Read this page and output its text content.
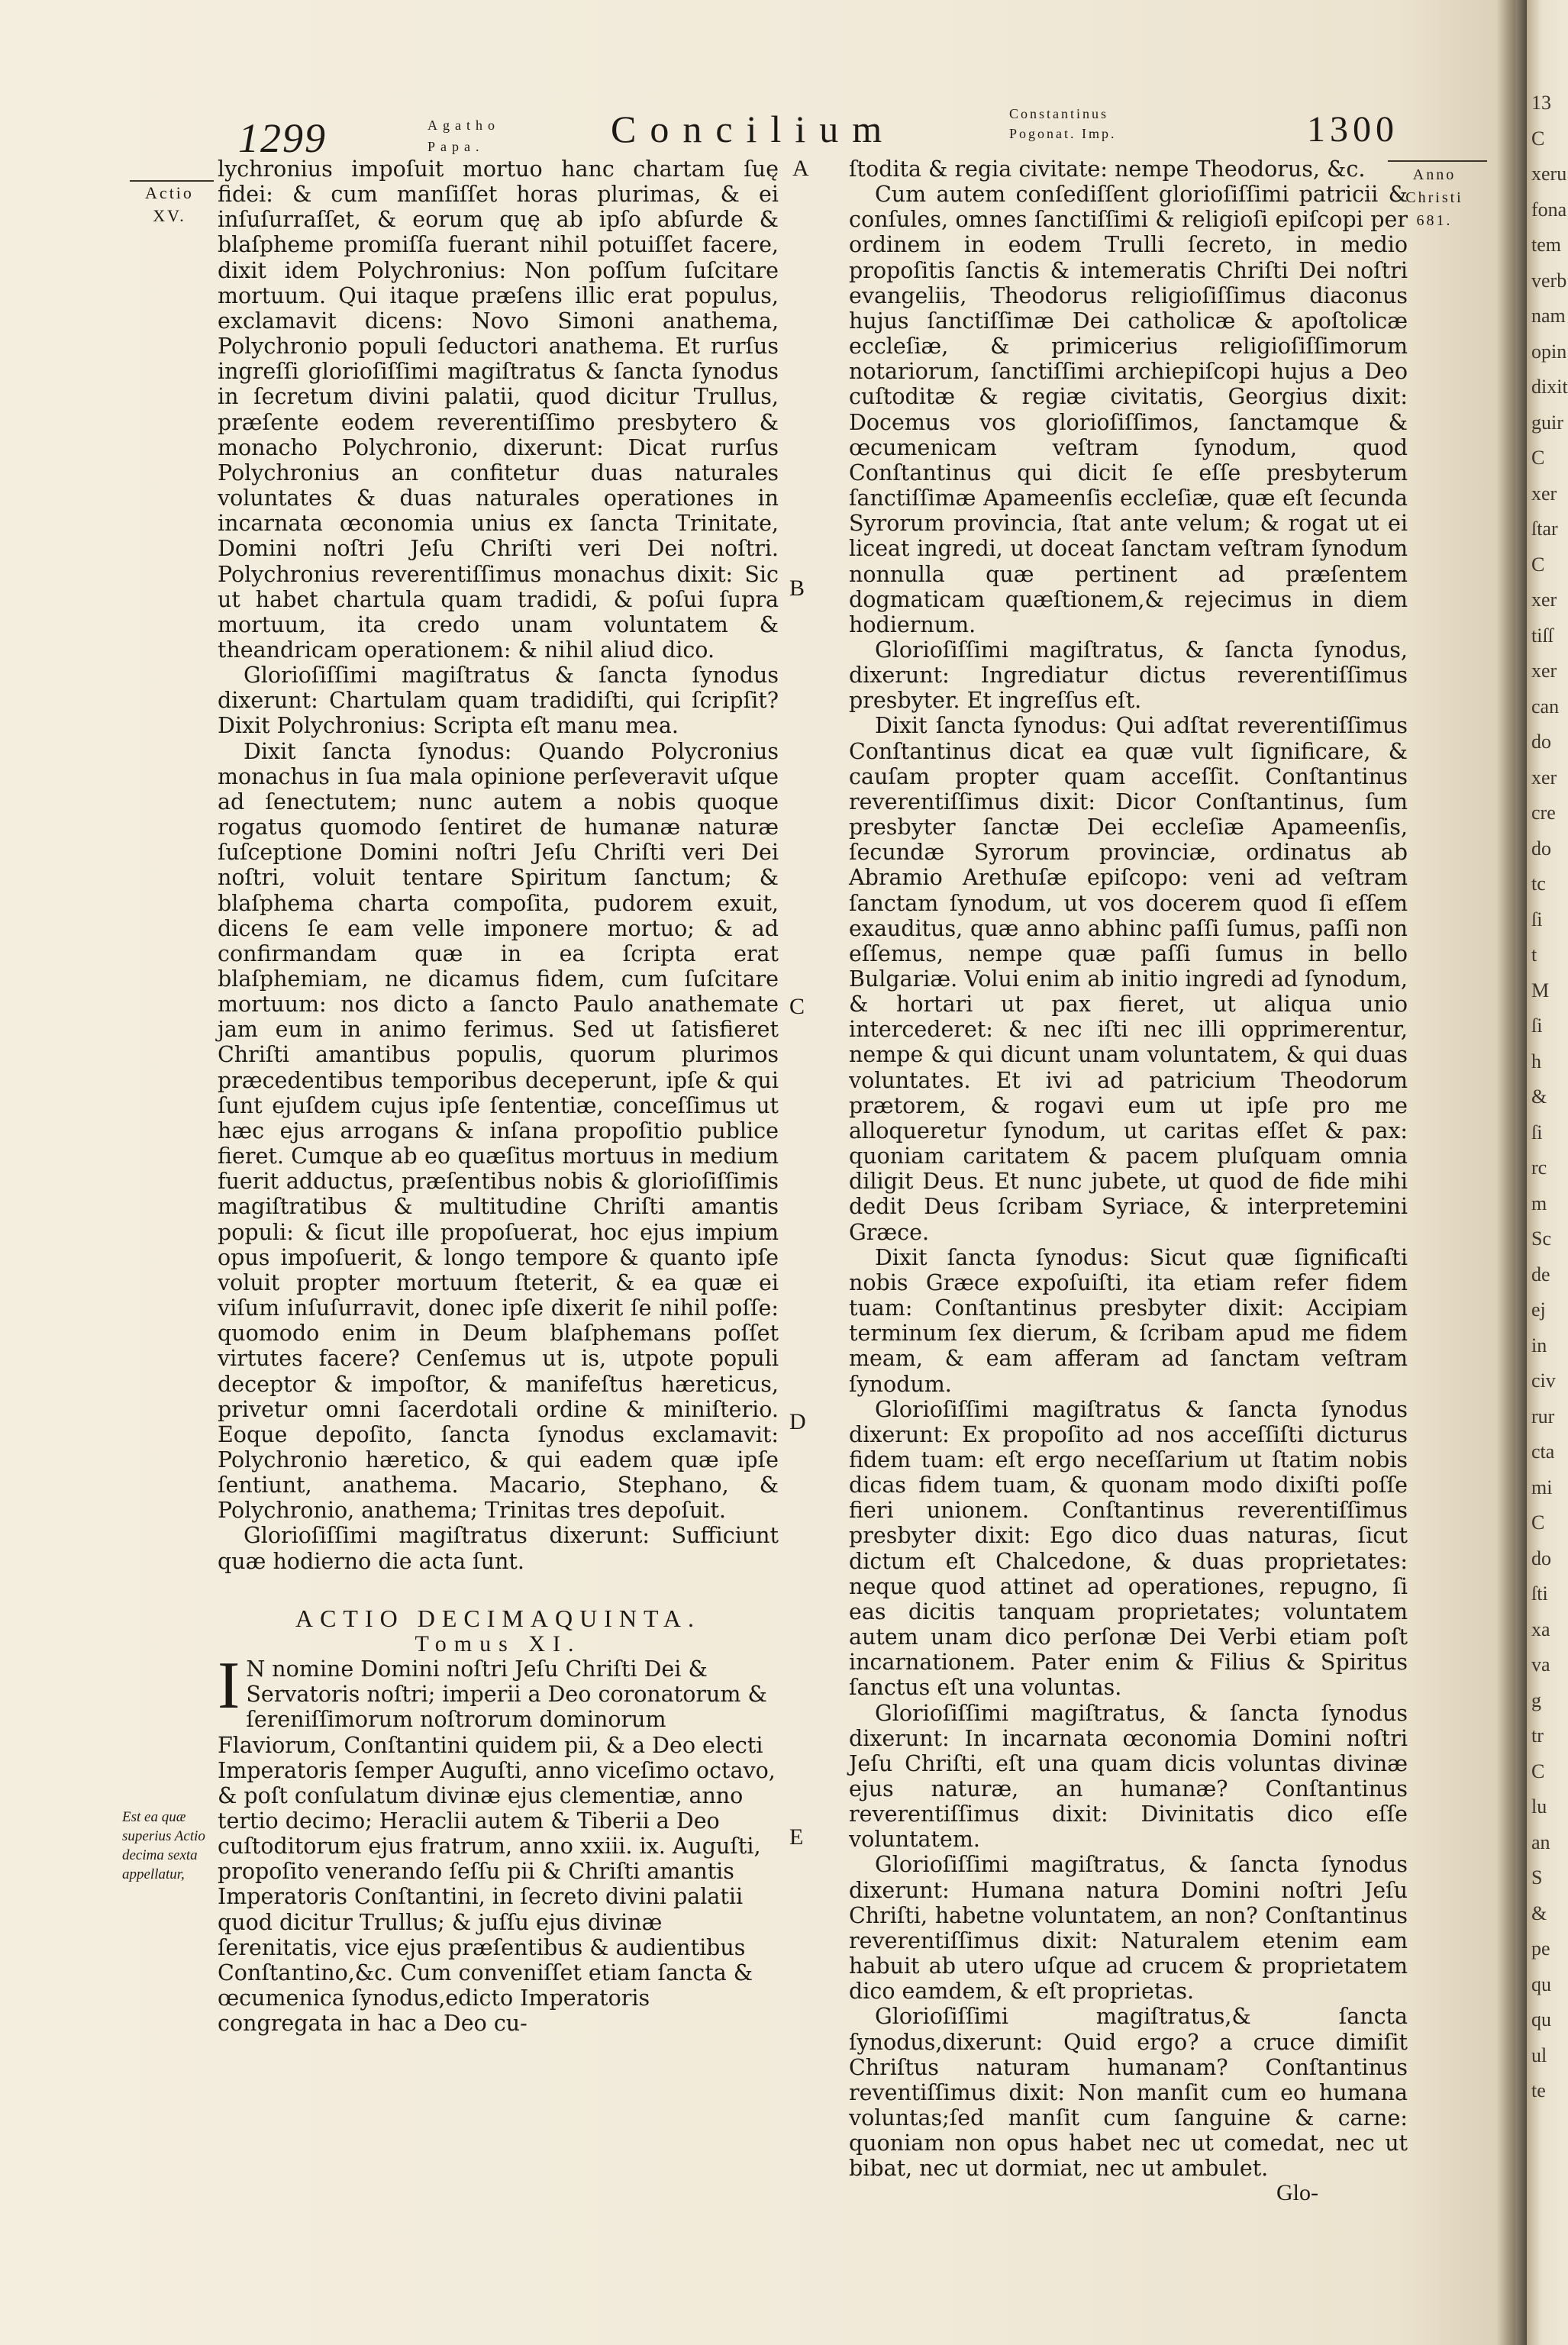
13
C
xeru
fona
tem
verb
nam
opin
dixit
guir
C
xer
ſtar
C
xer
tiſſ
xer
can
do
xer
cre
do
tc
ſi
t
M
ſi
h
&
ſi
rc
m
Sc
de
ej
in
civ
rur
cta
mi
C
do
ſti
xa
va
g
tr
C
lu
an
S
&
pe
qu
qu
ul
te
1299	Agatho
Papa.	Concilium	Constantinus
Pogonat. Imp.	1300
Actio
XV.
Anno
Christi
681.
Est ea quæ superius Actio decima sexta appellatur,
A
B
C
D
E

lychronius impoſuit mortuo hanc chartam ſuę fidei: & cum manſiſſet horas plurimas, & ei inſuſurraſſet, & eorum quę ab ipſo abſurde & blaſpheme promiſſa fuerant nihil potuiſſet facere, dixit idem Polychronius: Non poſſum ſuſcitare mortuum. Qui itaque præſens illic erat populus, exclamavit dicens: Novo Simoni anathema, Polychronio populi ſeductori anathema. Et rurſus ingreſſi glorioſiſſimi magiſtratus & ſancta ſynodus in ſecretum divini palatii, quod dicitur Trullus, præſente eodem reverentiſſimo presbytero & monacho Polychronio, dixerunt: Dicat rurſus Polychronius an confitetur duas naturales voluntates & duas naturales operationes in incarnata œconomia unius ex ſancta Trinitate, Domini noſtri Jeſu Chriſti veri Dei noſtri. Polychronius reverentiſſimus monachus dixit: Sic ut habet chartula quam tradidi, & poſui ſupra mortuum, ita credo unam voluntatem & theandricam operationem: & nihil aliud dico.

Glorioſiſſimi magiſtratus & ſancta ſynodus dixerunt: Chartulam quam tradidiſti, qui ſcripſit? Dixit Polychronius: Scripta eſt manu mea.

Dixit ſancta ſynodus: Quando Polycronius monachus in ſua mala opinione perſeveravit uſque ad ſenectutem; nunc autem a nobis quoque rogatus quomodo ſentiret de humanæ naturæ ſuſceptione Domini noſtri Jeſu Chriſti veri Dei noſtri, voluit tentare Spiritum ſanctum; & blaſphema charta compoſita, pudorem exuit, dicens ſe eam velle imponere mortuo; & ad confirmandam quæ in ea ſcripta erat blaſphemiam, ne dicamus fidem, cum ſuſcitare mortuum: nos dicto a ſancto Paulo anathemate jam eum in animo ferimus. Sed ut ſatisfieret Chriſti amantibus populis, quorum plurimos præcedentibus temporibus deceperunt, ipſe & qui ſunt ejuſdem cujus ipſe ſententiæ, conceſſimus ut hæc ejus arrogans & inſana propoſitio publice fieret. Cumque ab eo quæſitus mortuus in medium fuerit adductus, præſentibus nobis & glorioſiſſimis magiſtratibus & multitudine Chriſti amantis populi: & ſicut ille propoſuerat, hoc ejus impium opus impoſuerit, & longo tempore & quanto ipſe voluit propter mortuum ſteterit, & ea quæ ei viſum inſuſurravit, donec ipſe dixerit ſe nihil poſſe: quomodo enim in Deum blaſphemans poſſet virtutes facere? Cenſemus ut is, utpote populi deceptor & impoſtor, & manifeſtus hæreticus, privetur omni ſacerdotali ordine & miniſterio. Eoque depoſito, ſancta ſynodus exclamavit: Polychronio hæretico, & qui eadem quæ ipſe ſentiunt, anathema. Macario, Stephano, & Polychronio, anathema; Trinitas tres depoſuit.

Glorioſiſſimi magiſtratus dixerunt: Sufficiunt quæ hodierno die acta ſunt.

ACTIO DECIMAQUINTA.

Tomus XI.

I N nomine Domini noſtri Jeſu Chriſti Dei & Servatoris noſtri; imperii a Deo coronatorum & ſereniſſimorum noſtrorum dominorum Flaviorum, Conſtantini quidem pii, & a Deo electi Imperatoris ſemper Auguſti, anno viceſimo octavo, & poſt conſulatum divinæ ejus clementiæ, anno tertio decimo; Heraclii autem & Tiberii a Deo cuſtoditorum ejus fratrum, anno xxiii. ix. Auguſti, propoſito venerando ſeſſu pii & Chriſti amantis Imperatoris Conſtantini, in ſecreto divini palatii quod dicitur Trullus; & juſſu ejus divinæ ſerenitatis, vice ejus præſentibus & audientibus Conſtantino,&c. Cum conveniſſet etiam ſancta & œcumenica ſynodus,edicto Imperatoris congregata in hac a Deo cu-

ſtodita & regia civitate: nempe Theodorus, &c.

Cum autem conſediſſent glorioſiſſimi patricii & conſules, omnes ſanctiſſimi & religioſi epiſcopi per ordinem in eodem Trulli ſecreto, in medio propoſitis ſanctis & intemeratis Chriſti Dei noſtri evangeliis, Theodorus religioſiſſimus diaconus hujus ſanctiſſimæ Dei catholicæ & apoſtolicæ eccleſiæ, & primicerius religioſiſſimorum notariorum, ſanctiſſimi archiepiſcopi hujus a Deo cuſtoditæ & regiæ civitatis, Georgius dixit: Docemus vos glorioſiſſimos, ſanctamque & œcumenicam veſtram ſynodum, quod Conſtantinus qui dicit ſe eſſe presbyterum ſanctiſſimæ Apameenſis eccleſiæ, quæ eſt ſecunda Syrorum provincia, ſtat ante velum; & rogat ut ei liceat ingredi, ut doceat ſanctam veſtram ſynodum nonnulla quæ pertinent ad præſentem dogmaticam quæſtionem,& rejecimus in diem hodiernum.

Glorioſiſſimi magiſtratus, & ſancta ſynodus, dixerunt: Ingrediatur dictus reverentiſſimus presbyter. Et ingreſſus eſt.

Dixit ſancta ſynodus: Qui adſtat reverentiſſimus Conſtantinus dicat ea quæ vult ſignificare, & cauſam propter quam acceſſit. Conſtantinus reverentiſſimus dixit: Dicor Conſtantinus, ſum presbyter ſanctæ Dei eccleſiæ Apameenſis, ſecundæ Syrorum provinciæ, ordinatus ab Abramio Arethuſæ epiſcopo: veni ad veſtram ſanctam ſynodum, ut vos docerem quod ſi eſſem exauditus, quæ anno abhinc paſſi ſumus, paſſi non eſſemus, nempe quæ paſſi ſumus in bello Bulgariæ. Volui enim ab initio ingredi ad ſynodum, & hortari ut pax fieret, ut aliqua unio intercederet: & nec iſti nec illi opprimerentur, nempe & qui dicunt unam voluntatem, & qui duas voluntates. Et ivi ad patricium Theodorum prætorem, & rogavi eum ut ipſe pro me alloqueretur ſynodum, ut caritas eſſet & pax: quoniam caritatem & pacem pluſquam omnia diligit Deus. Et nunc jubete, ut quod de fide mihi dedit Deus ſcribam Syriace, & interpretemini Græce.

Dixit ſancta ſynodus: Sicut quæ ſignificaſti nobis Græce expoſuiſti, ita etiam refer fidem tuam: Conſtantinus presbyter dixit: Accipiam terminum ſex dierum, & ſcribam apud me fidem meam, & eam afferam ad ſanctam veſtram ſynodum.

Glorioſiſſimi magiſtratus & ſancta ſynodus dixerunt: Ex propoſito ad nos acceſſiſti dicturus fidem tuam: eſt ergo neceſſarium ut ſtatim nobis dicas fidem tuam, & quonam modo dixiſti poſſe fieri unionem. Conſtantinus reverentiſſimus presbyter dixit: Ego dico duas naturas, ſicut dictum eſt Chalcedone, & duas proprietates: neque quod attinet ad operationes, repugno, ſi eas dicitis tanquam proprietates; voluntatem autem unam dico perſonæ Dei Verbi etiam poſt incarnationem. Pater enim & Filius & Spiritus ſanctus eſt una voluntas.

Glorioſiſſimi magiſtratus, & ſancta ſynodus dixerunt: In incarnata œconomia Domini noſtri Jeſu Chriſti, eſt una quam dicis voluntas divinæ ejus naturæ, an humanæ? Conſtantinus reverentiſſimus dixit: Divinitatis dico eſſe voluntatem.

Glorioſiſſimi magiſtratus, & ſancta ſynodus dixerunt: Humana natura Domini noſtri Jeſu Chriſti, habetne voluntatem, an non? Conſtantinus reverentiſſimus dixit: Naturalem etenim eam habuit ab utero uſque ad crucem & proprietatem dico eamdem, & eſt proprietas.

Glorioſiſſimi magiſtratus,& ſancta ſynodus,dixerunt: Quid ergo? a cruce dimiſit Chriſtus naturam humanam? Conſtantinus reventiſſimus dixit: Non manſit cum eo humana voluntas;ſed manſit cum ſanguine & carne: quoniam non opus habet nec ut comedat, nec ut bibat, nec ut dormiat, nec ut ambulet.

Glo-
